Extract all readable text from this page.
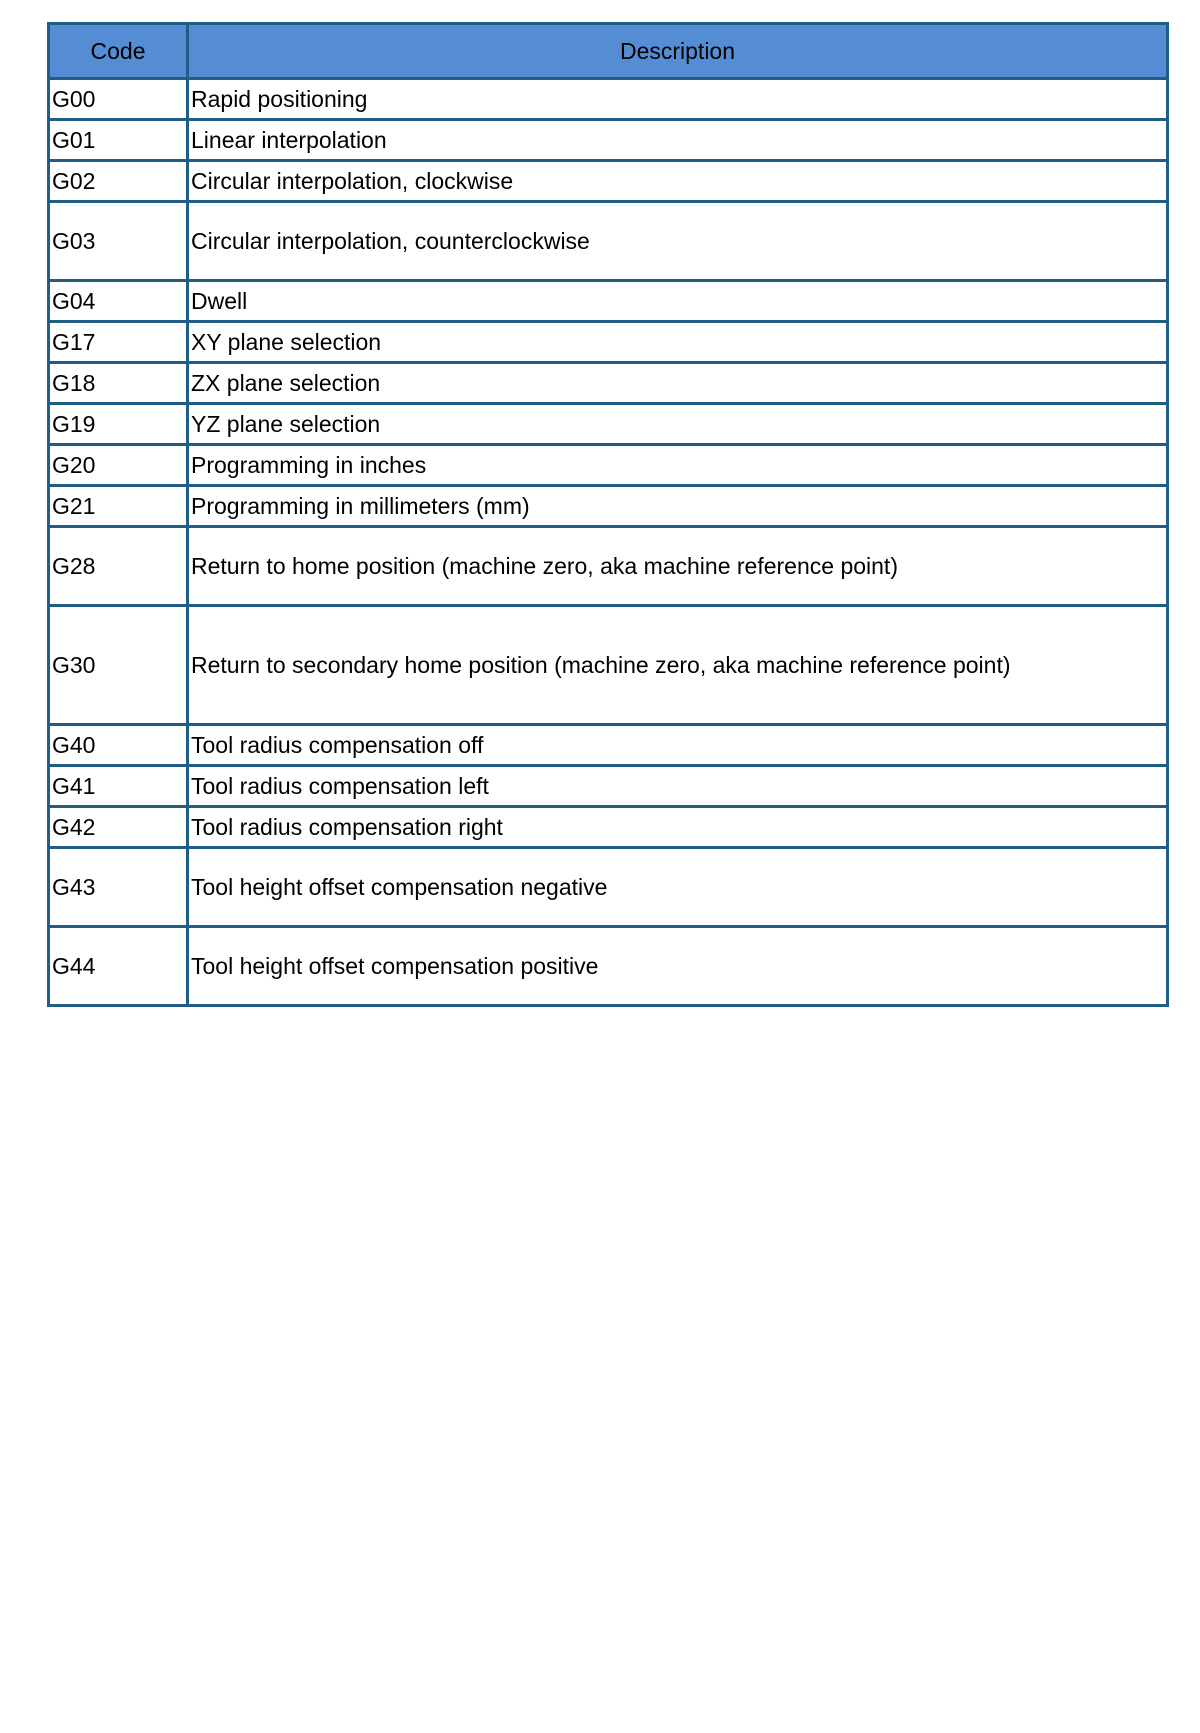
Code	Description
G00	Rapid positioning
G01	Linear interpolation
G02	Circular interpolation, clockwise
G03	Circular interpolation, counterclockwise
G04	Dwell
G17	XY plane selection
G18	ZX plane selection
G19	YZ plane selection
G20	Programming in inches
G21	Programming in millimeters (mm)
G28	Return to home position (machine zero, aka machine reference point)
G30	Return to secondary home position (machine zero, aka machine reference point)
G40	Tool radius compensation off
G41	Tool radius compensation left
G42	Tool radius compensation right
G43	Tool height offset compensation negative
G44	Tool height offset compensation positive
